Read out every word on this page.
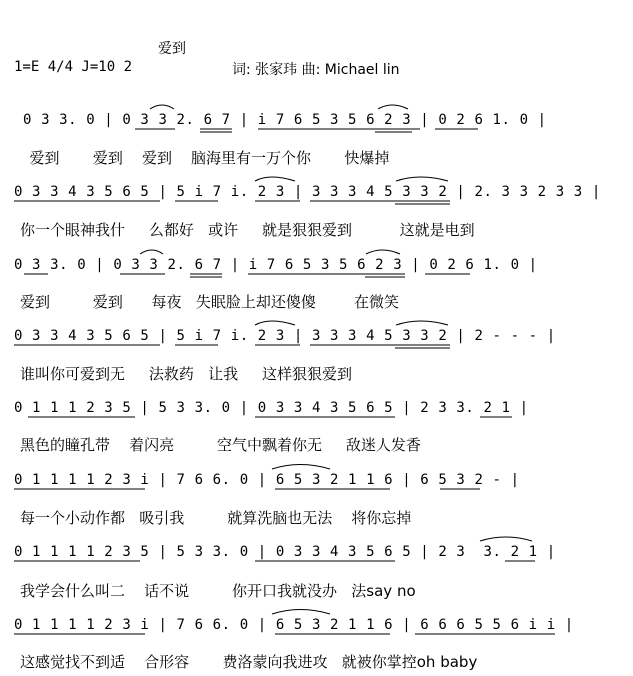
爱到
1=E 4/4 J=10 2	词: 张家玮 曲: Michael lin
0 3 3. 0 | 0 3 3 2. 6 7 | i 7 6 5 3 5 6 2 3 | 0 2 6 1. 0 |
爱到       爱到    爱到    脑海里有一万个你       快爆掉
0 3 3 4 3 5 6 5 | 5 i 7 i. 2 3 | 3 3 3 4 5 3 3 2 | 2. 3 3 2 3 3 |
你一个眼神我什     么都好   或许     就是狠狠爱到          这就是电到
0 3 3. 0 | 0 3 3 2. 6 7 | i 7 6 5 3 5 6 2 3 | 0 2 6 1. 0 |
爱到         爱到      每夜   失眠脸上却还傻傻        在微笑
0 3 3 4 3 5 6 5 | 5 i 7 i. 2 3 | 3 3 3 4 5 3 3 2 | 2 - - - |
谁叫你可爱到无     法救药   让我     这样狠狠爱到
0 1 1 1 2 3 5 | 5 3 3. 0 | 0 3 3 4 3 5 6 5 | 2 3 3. 2 1 |
黑色的瞳孔带    着闪亮         空气中飘着你无     敌迷人发香
0 1 1 1 1 2 3 i | 7 6 6. 0 | 6 5 3 2 1 1 6 | 6 5 3 2 - |
每一个小动作都   吸引我         就算洗脑也无法    将你忘掉
0 1 1 1 1 2 3 5 | 5 3 3. 0 | 0 3 3 4 3 5 6 5 | 2 3  3. 2 1 |
我学会什么叫二    话不说         你开口我就没办   法say no
0 1 1 1 1 2 3 i | 7 6 6. 0 | 6 5 3 2 1 1 6 | 6 6 6 5 5 6 i i |
这感觉找不到适    合形容       费洛蒙向我进攻   就被你掌控oh baby
